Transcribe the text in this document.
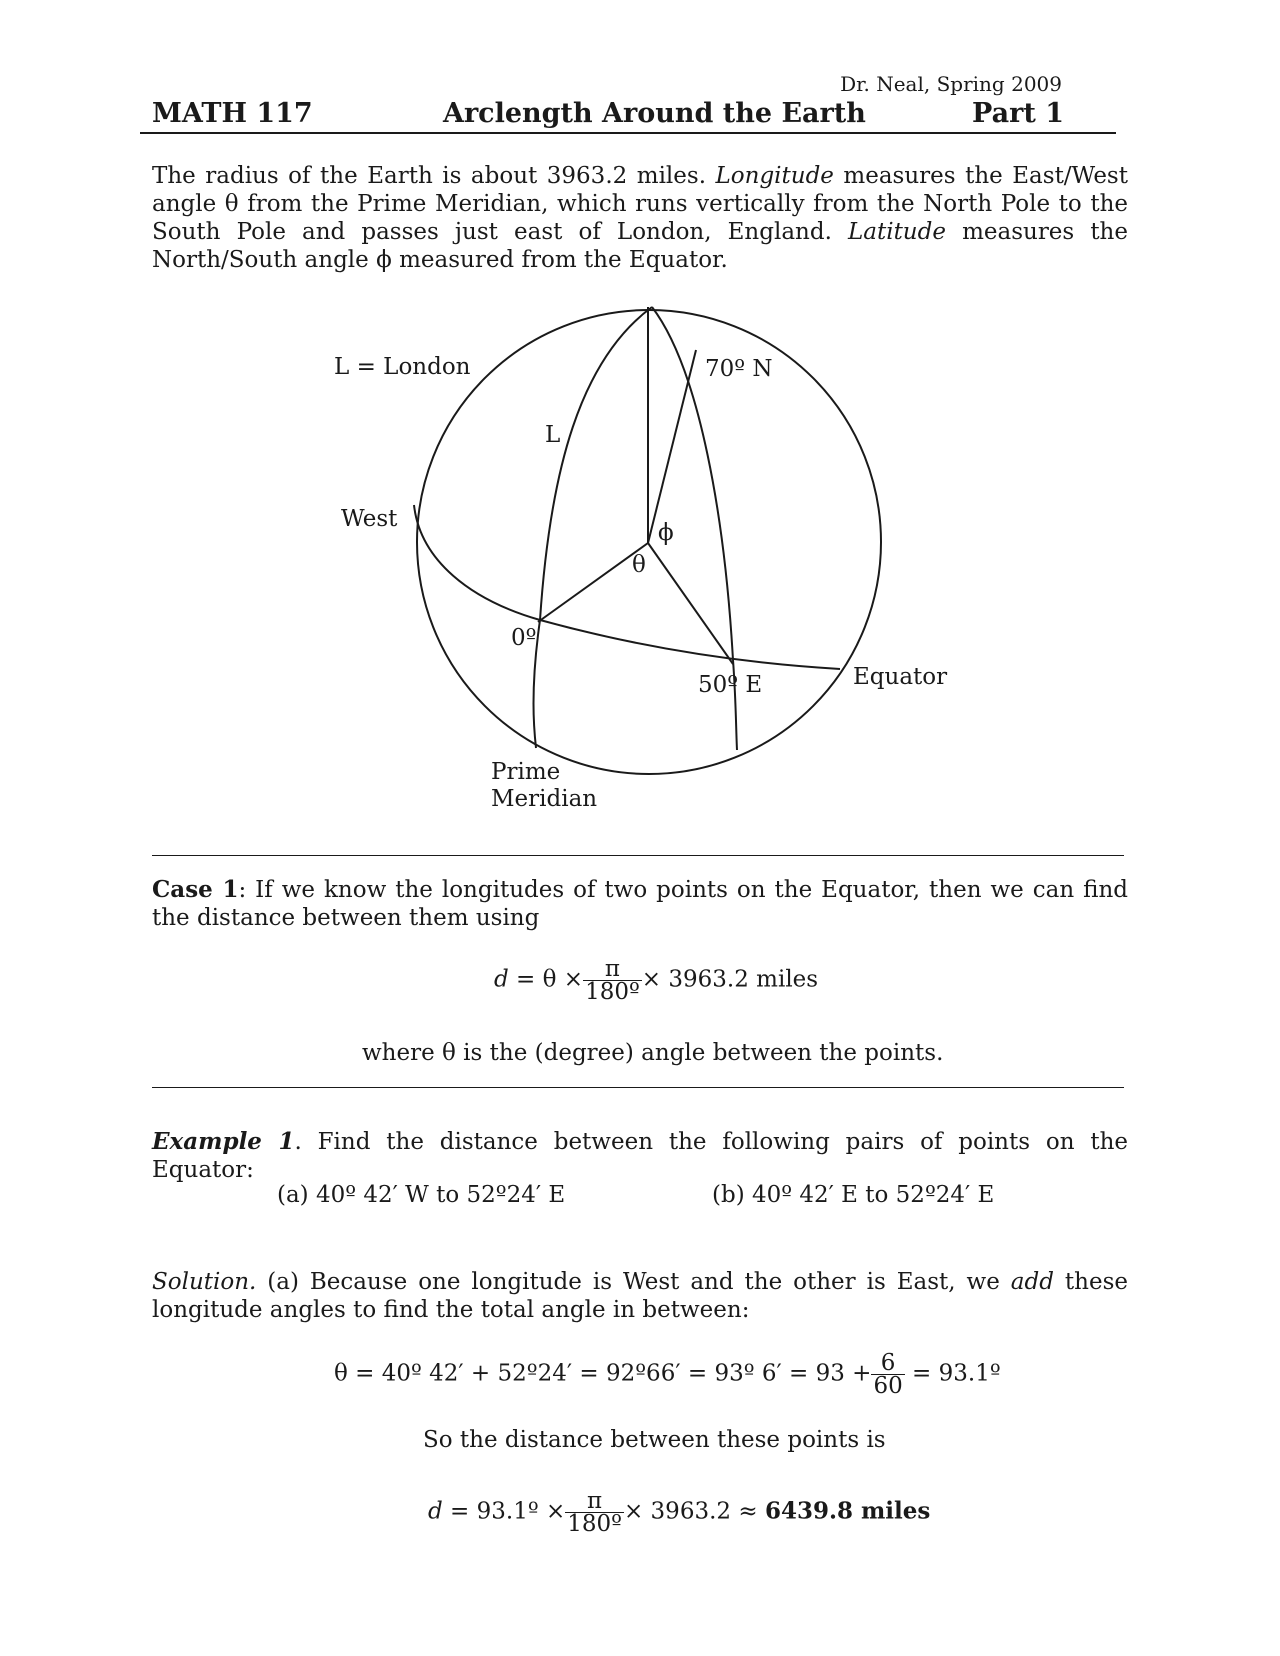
Dr. Neal, Spring 2009
MATH 117	Arclength Around the Earth	Part 1

The radius of the Earth is about 3963.2 miles. Longitude measures the East/West angle θ from the Prime Meridian, which runs vertically from the North Pole to the South Pole and passes just east of London, England. Latitude measures the North/South angle ϕ measured from the Equator.

L = London
L
West
70º N
ϕ
θ
0º
50º E	Equator
Prime
Meridian

Case 1: If we know the longitudes of two points on the Equator, then we can find the distance between them using

$d = \theta \times \frac{\pi}{\text{180º}} \times 3963.2$ miles
where θ is the (degree) angle between the points.

Example 1. Find the distance between the following pairs of points on the Equator:

(a) 40º 42′ W to 52º24′ E	(b) 40º 42′ E to 52º24′ E

Solution. (a) Because one longitude is West and the other is East, we add these longitude angles to find the total angle in between:

θ = 40º 42′ + 52º24′ = 92º66′ = 93º $6' = 93 + \frac{6}{60}$ = 93.1º
So the distance between these points is
d = 93.1º × $\frac{\pi}{\text{180º}} \times 3963.2 \approx 6439.8$ miles
